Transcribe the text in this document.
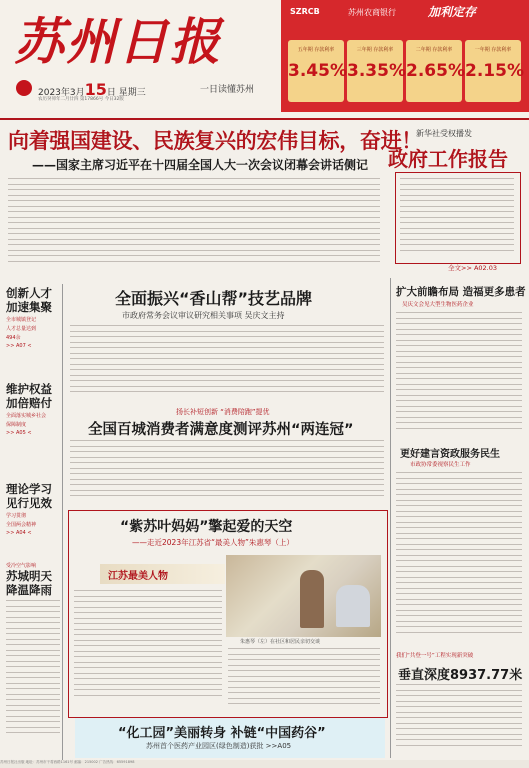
苏州日报
2023年3月15日 星期三	一日读懂苏州
农历癸卯年二月廿四 第17866号 今日32版
SZRCB	苏州农商银行	加利定存
五年期 存款利率
3.45%
三年期 存款利率
3.35%
二年期 存款利率
2.65%
一年期 存款利率
2.15%
向着强国建设、民族复兴的宏伟目标，奋进！
——国家主席习近平在十四届全国人大一次会议闭幕会讲话侧记
新华社受权播发
政府工作报告
全文>> A02.03
创新人才加速集聚
全市城镇登记
人才总量达到
494余
>> A07 <
维护权益加倍赔付
全面落实城乡社会
保障制度
>> A05 <
理论学习见行见效
学习贯彻
全国两会精神
>> A04 <
受冷空气影响
苏城明天降温降雨
全面振兴“香山帮”技艺品牌
市政府常务会议审议研究相关事项 吴庆文主持
扬长补短创新 “消费陪跑”提优
全国百城消费者满意度测评苏州“两连冠”
“紫苏叶妈妈”擎起爱的天空
——走近2023年江苏省“最美人物”朱惠琴（上）
江苏最美人物
朱惠琴（左）在社区和居民亲切交谈
“化工园”美丽转身 补链“中国药谷”
苏州首个医药产业园区(绿色制造)获批 >>A05
扩大前瞻布局 造福更多患者
吴庆文会见大型生物医药企业
更好建言资政服务民生
市政协常委视察民生工作
我们“共登一号”工程实现新突破
垂直深度8937.77米
苏州日报社出版 地址：苏州市干将西路1161号 邮编：215002 广告热线：65591898
